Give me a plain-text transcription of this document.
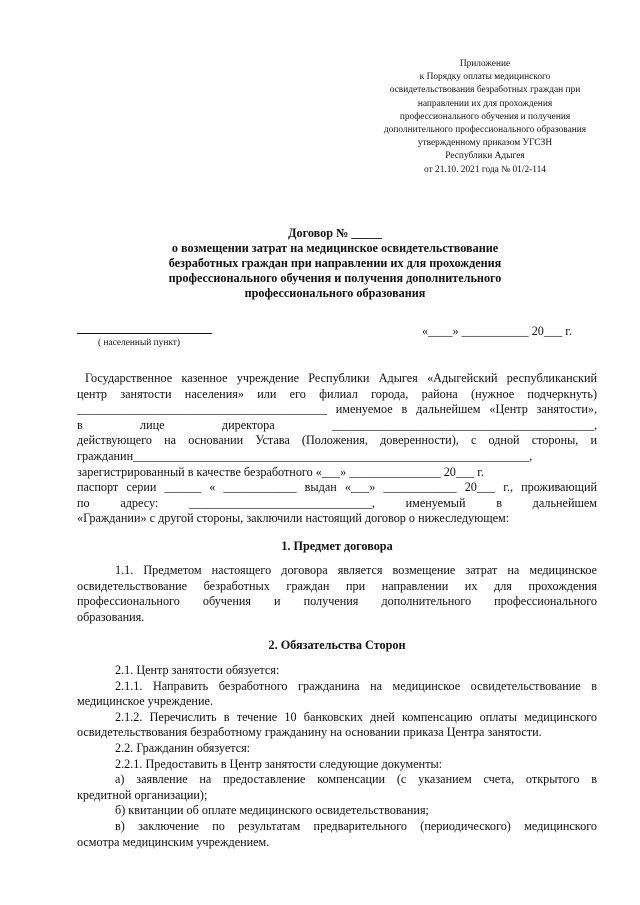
Приложение
к Порядку оплаты медицинского
освидетельствования безработных граждан при
направлении их для прохождения
профессионального обучения и получения
дополнительного профессионального образования
утвержденному приказом УГСЗН
Республики Адыгея
от 21.10. 2021 года № 01/2-114
Договор № _____
о возмещении затрат на медицинское освидетельствование
безработных граждан при направлении их для прохождения
профессионального обучения и получения дополнительного
профессионального образования
( населенный пункт)
«____» ___________ 20___ г.
Государственное казенное учреждение Республики Адыгея «Адыгейский республиканский
центр занятости населения» или его филиал города, района (нужное подчеркнуть)
_________________________________________ именуемое в дальнейшем «Центр занятости»,
в лице директора ___________________________________________,
действующего на основании Устава (Положения, доверенности), с одной стороны, и
гражданин_________________________________________________________________,
зарегистрированный в качестве безработного «___» _______________ 20___ г.
паспорт серии ______ « ____________ выдан «___» ____________ 20___ г., проживающий
по адресу: ______________________________, именуемый в дальнейшем
«Граждании» с другой стороны, заключили настоящий договор о нижеследующем:
1. Предмет договора
1.1. Предметом настоящего договора является возмещение затрат на медицинское
освидетельствование безработных граждан при направлении их для прохождения
профессионального обучения и получения дополнительного профессионального
образования.
2. Обязательства Сторон
2.1. Центр занятости обязуется:
2.1.1. Направить безработного гражданина на медицинское освидетельствование в
медицинское учреждение.
2.1.2. Перечислить в течение 10 банковских дней компенсацию оплаты медицинского
освидетельствования безработному гражданину на основании приказа Центра занятости.
2.2. Гражданин обязуется:
2.2.1. Предоставить в Центр занятости следующие документы:
а) заявление на предоставление компенсации (с указанием счета, открытого в
кредитной организации);
б) квитанции об оплате медицинского освидетельствования;
в) заключение по результатам предварительного (периодического) медицинского
осмотра медицинским учреждением.
